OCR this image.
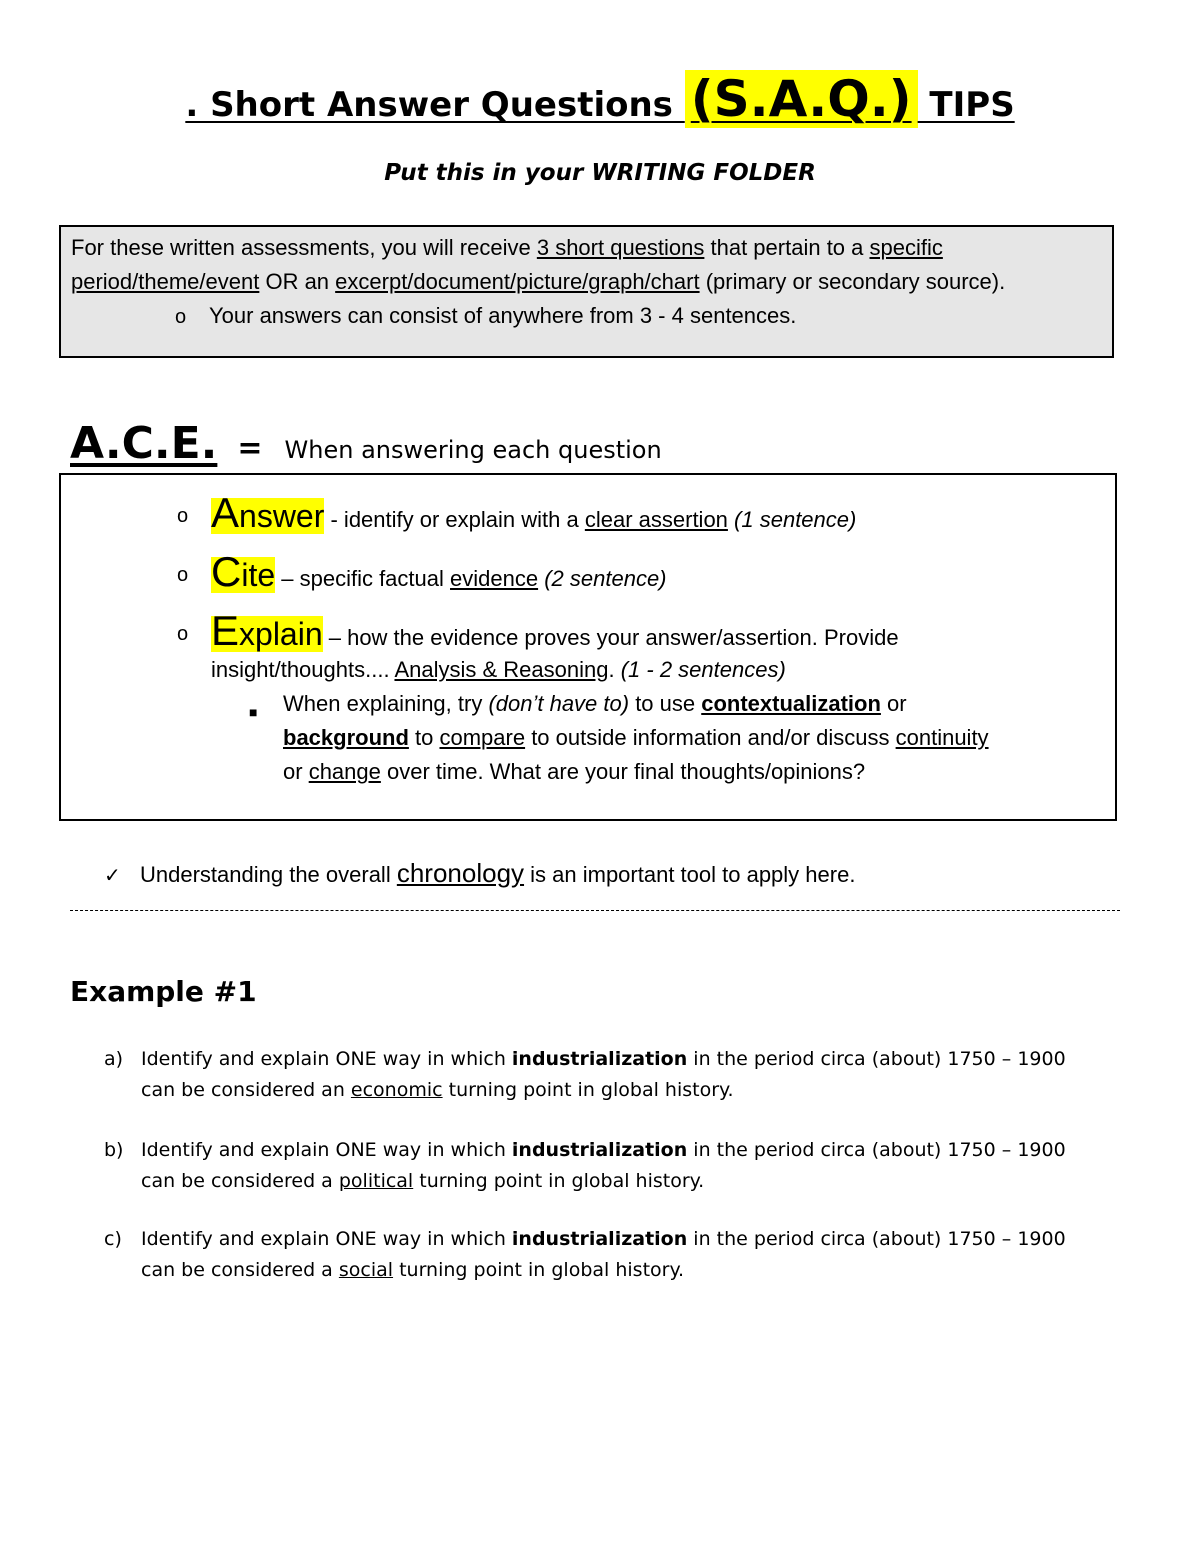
. Short Answer Questions (S.A.Q.) TIPS
Put this in your WRITING FOLDER

For these written assessments, you will receive 3 short questions that pertain to a specific period/theme/event OR an excerpt/document/picture/graph/chart (primary or secondary source).

o Your answers can consist of anywhere from 3 - 4 sentences.

A.C.E. = When answering each question
o Answer - identify or explain with a clear assertion (1 sentence)
o Cite – specific factual evidence (2 sentence)
o Explain – how the evidence proves your answer/assertion. Provide
insight/thoughts.... Analysis & Reasoning. (1 - 2 sentences)
■ When explaining, try (don’t have to) to use contextualization or
background to compare to outside information and/or discuss continuity
or change over time. What are your final thoughts/opinions?
✓ Understanding the overall chronology is an important tool to apply here.
Example #1
a) Identify and explain ONE way in which industrialization in the period circa (about) 1750 – 1900
can be considered an economic turning point in global history.
b) Identify and explain ONE way in which industrialization in the period circa (about) 1750 – 1900
can be considered a political turning point in global history.
c) Identify and explain ONE way in which industrialization in the period circa (about) 1750 – 1900
can be considered a social turning point in global history.
